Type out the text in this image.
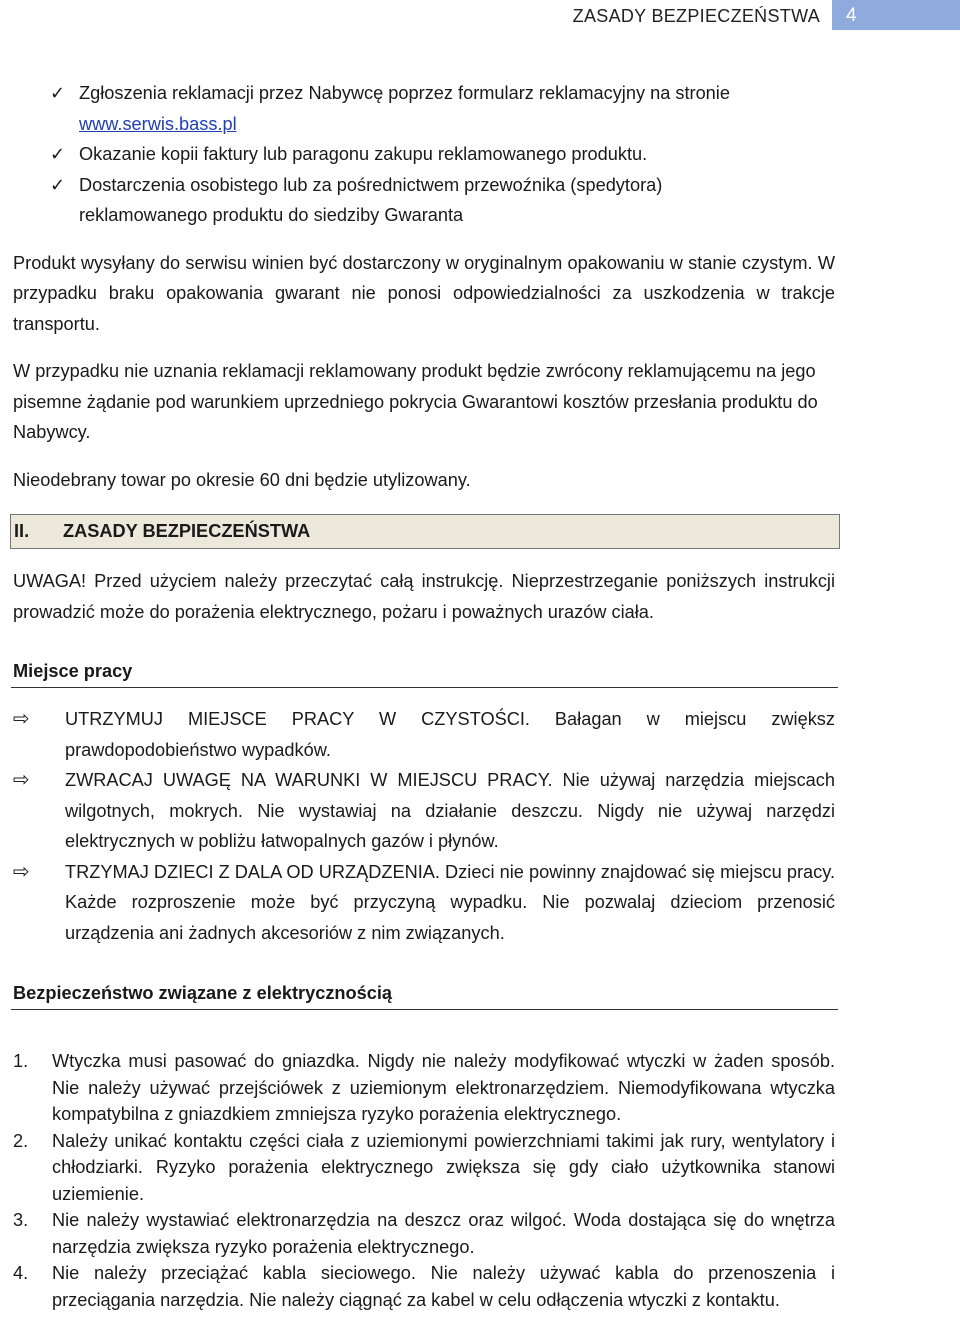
ZASADY BEZPIECZEŃSTWA	4
✓ Zgłoszenia reklamacji przez Nabywcę poprzez formularz reklamacyjny na stronie
www.serwis.bass.pl
✓ Okazanie kopii faktury lub paragonu zakupu reklamowanego produktu.
✓ Dostarczenia osobistego lub za pośrednictwem przewoźnika (spedytora) reklamowanego produktu do siedziby Gwaranta

Produkt wysyłany do serwisu winien być dostarczony w oryginalnym opakowaniu w stanie czystym. W przypadku braku opakowania gwarant nie ponosi odpowiedzialności za uszkodzenia w trakcje transportu.

W przypadku nie uznania reklamacji reklamowany produkt będzie zwrócony reklamującemu na jego pisemne żądanie pod warunkiem uprzedniego pokrycia Gwarantowi kosztów przesłania produktu do Nabywcy.

Nieodebrany towar po okresie 60 dni będzie utylizowany.

II. ZASADY BEZPIECZEŃSTWA

UWAGA! Przed użyciem należy przeczytać całą instrukcję. Nieprzestrzeganie poniższych instrukcji prowadzić może do porażenia elektrycznego, pożaru i poważnych urazów ciała.

Miejsce pracy
⇨ UTRZYMUJ MIEJSCE PRACY W CZYSTOŚCI. Bałagan w miejscu zwiększ prawdopodobieństwo wypadków.
⇨ ZWRACAJ UWAGĘ NA WARUNKI W MIEJSCU PRACY. Nie używaj narzędzia miejscach wilgotnych, mokrych. Nie wystawiaj na działanie deszczu. Nigdy nie używaj narzędzi elektrycznych w pobliżu łatwopalnych gazów i płynów.
⇨ TRZYMAJ DZIECI Z DALA OD URZĄDZENIA. Dzieci nie powinny znajdować się miejscu pracy. Każde rozproszenie może być przyczyną wypadku. Nie pozwalaj dzieciom przenosić urządzenia ani żadnych akcesoriów z nim związanych.
Bezpieczeństwo związane z elektrycznością
1. Wtyczka musi pasować do gniazdka. Nigdy nie należy modyfikować wtyczki w żaden sposób. Nie należy używać przejściówek z uziemionym elektronarzędziem. Niemodyfikowana wtyczka kompatybilna z gniazdkiem zmniejsza ryzyko porażenia elektrycznego.
2. Należy unikać kontaktu części ciała z uziemionymi powierzchniami takimi jak rury, wentylatory i chłodziarki. Ryzyko porażenia elektrycznego zwiększa się gdy ciało użytkownika stanowi uziemienie.
3. Nie należy wystawiać elektronarzędzia na deszcz oraz wilgoć. Woda dostająca się do wnętrza narzędzia zwiększa ryzyko porażenia elektrycznego.
4. Nie należy przeciążać kabla sieciowego. Nie należy używać kabla do przenoszenia i przeciągania narzędzia. Nie należy ciągnąć za kabel w celu odłączenia wtyczki z kontaktu.
